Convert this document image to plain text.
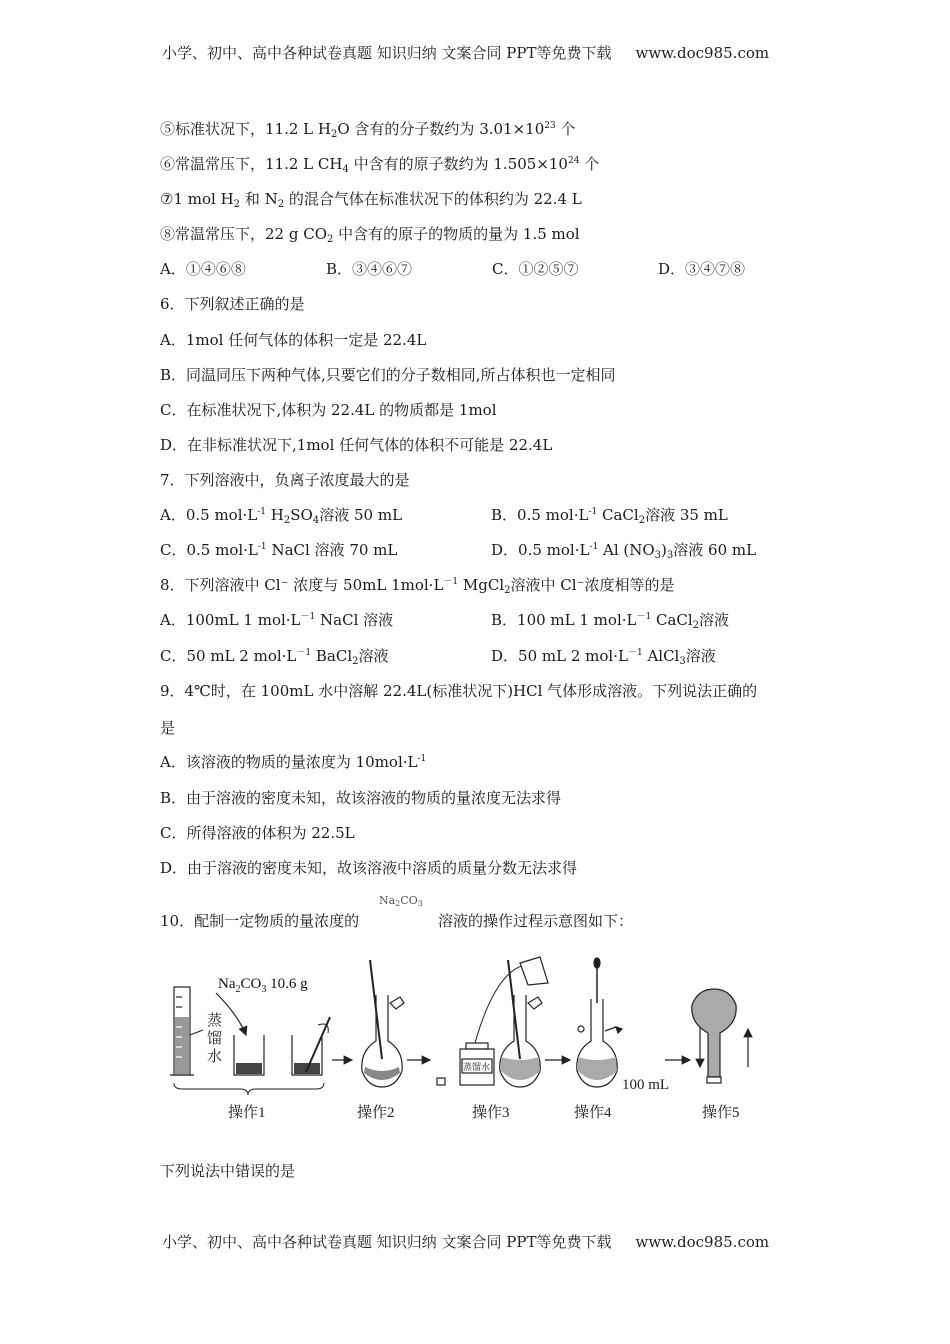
小学、初中、高中各种试卷真题 知识归纳 文案合同 PPT等免费下载 www.doc985.com
⑤标准状况下，11.2 L $H_2O$ 含有的分子数约为 $3.01\times 10^{23}$ 个
⑥常温常压下，11.2 L $CH_4$ 中含有的原子数约为 $1.505\times 10^{24}$ 个
⑦1 mol $H_2$ 和 $N_2$ 的混合气体在标准状况下的体积约为 22.4 L
⑧常温常压下，22 g $CO_2$ 中含有的原子的物质的量为 1.5 mol
A．①④⑥⑧	B．③④⑥⑦	C．①②⑤⑦	D．③④⑦⑧
6．下列叙述正确的是
A．1mol 任何气体的体积一定是 22.4L
B．同温同压下两种气体,只要它们的分子数相同,所占体积也一定相同
C．在标准状况下,体积为 22.4L 的物质都是 1mol
D．在非标准状况下,1mol 任何气体的体积不可能是 22.4L
7．下列溶液中，负离子浓度最大的是
A．0.5 $mol\cdot L^{-1}$ $H_2SO_4$溶液 50 mL	B．0.5 $mol\cdot L^{-1}$ CaCl$_2$溶液 35 mL
C．0.5 $mol\cdot L^{-1}$ NaCl 溶液 70 mL	D．0.5 $mol\cdot L^{-1}$ Al $(NO_3)_3$溶液 60 mL
8．下列溶液中 Cl⁻ 浓度与 50mL $1mol\cdot L^{-1}$ MgCl$_2$溶液中 Cl⁻浓度相等的是
A．100mL 1 $mol\cdot L^{-1}$ NaCl 溶液	B．100 mL 1 $mol\cdot L^{-1}$ CaCl$_2$溶液
C．50 mL 2 $mol\cdot L^{-1}$ BaCl$_2$溶液	D．50 mL 2 $mol\cdot L^{-1}$ AlCl$_3$溶液
9．4℃时，在 100mL 水中溶解 22.4L(标准状况下)HCl 气体形成溶液。下列说法正确的
是
A．该溶液的物质的量浓度为 $10mol\cdot L^{-1}$
B．由于溶液的密度未知，故该溶液的物质的量浓度无法求得
C．所得溶液的体积为 22.5L
D．由于溶液的密度未知，故该溶液中溶质的质量分数无法求得
10．配制一定物质的量浓度的
Na2CO3
溶液的操作过程示意图如下：
蒸
馏
水
$Na_2CO_3$ 10.6 g
蒸馏水
100 mL
操作1	操作2	操作3	操作4	操作5
下列说法中错误的是
小学、初中、高中各种试卷真题 知识归纳 文案合同 PPT等免费下载 www.doc985.com
